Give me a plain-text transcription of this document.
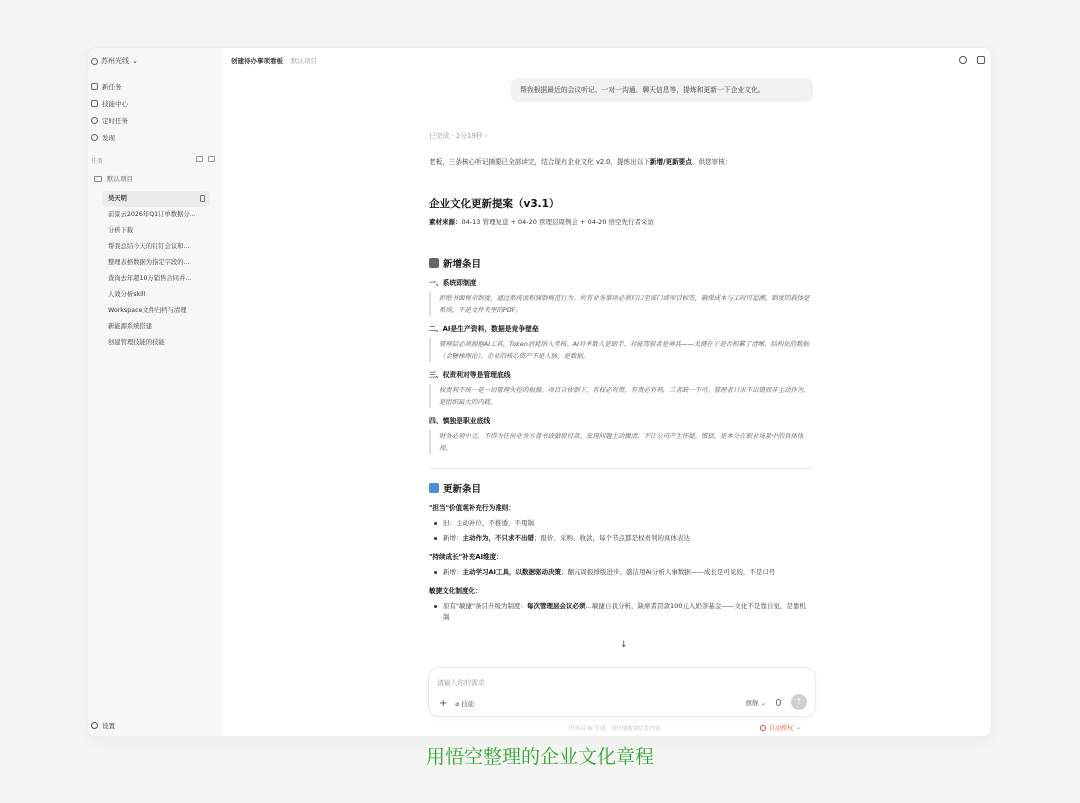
苏州光线 ⌄
新任务
技能中心
定时任务
发现
任务
默认项目
吴天明
前景云2026年Q1订单数据分...
分析下载
帮我总结今天的钉钉会议和...
整理表格数据为指定字段的...
查询去年超10万销售合同并...
人效分析skill
Workspace文件归档与清理
新能源系统搭建
创建管理技能的技能
设置
创建待办事项看板 默认项目
帮我根据最近的会议听记、一对一沟通、聊天信息等，提炼和更新一下企业文化。
已完成 · 2分19秒 ›
老板，三条核心听记摘要已全部读完，结合现有企业文化 v2.0，提炼出以下新增/更新要点，供您审核：
企业文化更新提案（v3.1）
素材来源：04-13 管理复盘 + 04-20 管理层周例会 + 04-20 悟空先行者采访
新增条目
一、系统即制度
拒绝书面规章制度，通过系统流程强制规范行为。所有业务事项必须归口至部门或项目标签，确保成本与工时可追溯。制度的载体是系统，不是文件夹里的PDF。
二、AI是生产资料，数据是竞争壁垒
管理层必须拥抱AI工具，Token消耗纳入考核。AI对多数人是助手，对能驾驭者是神兵——关键在于是否积累了清晰、结构化的数据（金糖棒理论）。企业的核心资产不是人脉，是数据。
三、权责利对等是管理底线
权责利不统一是一切管理失控的根源。项目合伙制下，有权必有责，有责必有利，三者缺一不可。管理者只求不出错而非主动作为，是组织最大的内耗。
四、慎独是职业底线
财务必须中立，不得为任何业务方背书或做促付款。发现问题主动撤清，不让公司产生怀疑。慎独，是本分在职业场景中的具体体现。
更新条目
"担当"价值观补充行为准则：
旧：主动补位，不推诿，不甩锅
新增：主动作为，不只求不出错；报价、采购、收款，每个节点都是权责利的具体表达
"持续成长"补充AI维度：
新增：主动学习AI工具，以数据驱动决策；翻亢周报排版进步、盛洁用AI分析人事数据——成长是可见的，不是口号
敏捷文化制度化：
原有"敏捷"条目升级为制度：每次管理层会议必须…敏捷自我分析，缺席者罚款100元入奶茶基金——文化不是靠自觉，是靠机制
↓
请输入你的需求
+ ⌀ 技能	旗舰 ⌄	↑
内容由 AI 生成，请仔细甄别信息内容。	自动授权 ⌄
用悟空整理的企业文化章程
